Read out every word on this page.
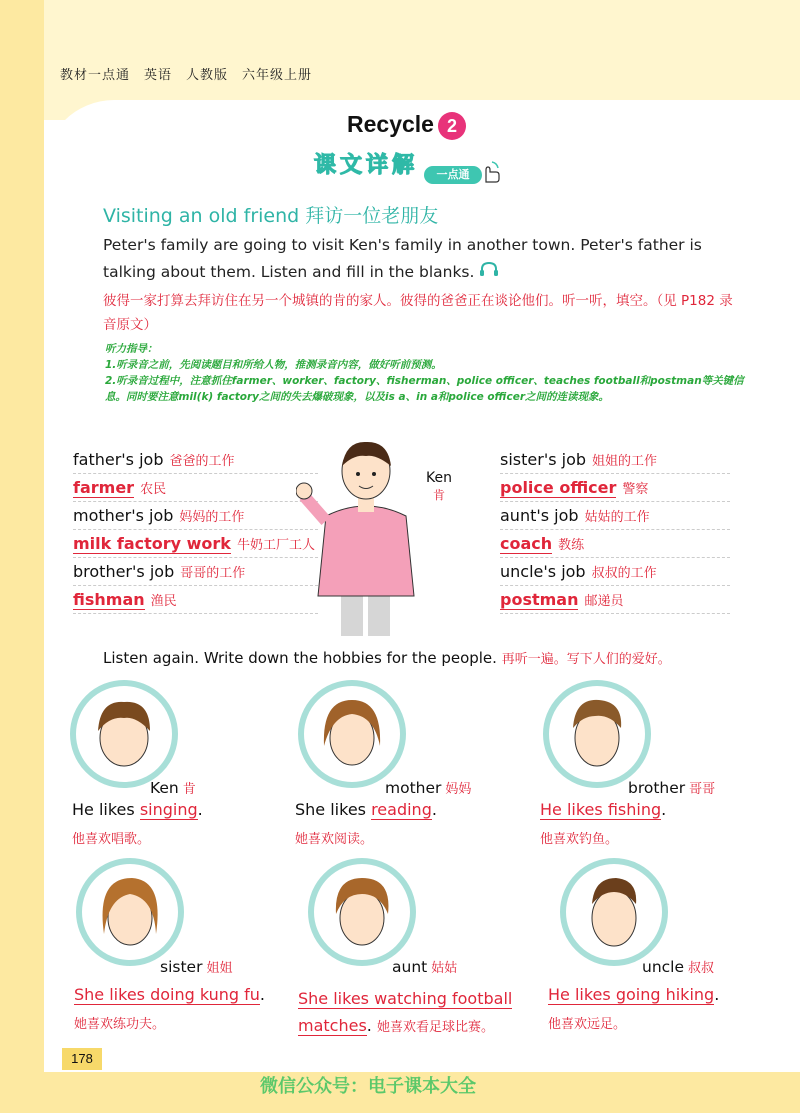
教材一点通　英语　人教版　六年级上册
Recycle 2
课文详解	一点通
Visiting an old friend 拜访一位老朋友
Peter's family are going to visit Ken's family in another town. Peter's father is talking about them. Listen and fill in the blanks.
彼得一家打算去拜访住在另一个城镇的肯的家人。彼得的爸爸正在谈论他们。听一听，填空。（见 P182 录音原文）
听力指导：
1.听录音之前，先阅读题目和所给人物，推测录音内容，做好听前预测。
2.听录音过程中，注意抓住farmer、worker、factory、fisherman、police officer、teaches football和postman等关键信息。同时要注意mil(k) factory之间的失去爆破现象，以及is a、in a和police officer之间的连读现象。
father's job 爸爸的工作
farmer 农民
mother's job 妈妈的工作
milk factory work 牛奶工厂工人
brother's job 哥哥的工作
fishman 渔民
Ken
肯
sister's job 姐姐的工作
police officer 警察
aunt's job 姑姑的工作
coach 教练
uncle's job 叔叔的工作
postman 邮递员
Listen again. Write down the hobbies for the people. 再听一遍。写下人们的爱好。
Ken 肯
He likes singing.
他喜欢唱歌。
mother 妈妈
She likes reading.
她喜欢阅读。
brother 哥哥
He likes fishing.
他喜欢钓鱼。
sister 姐姐
She likes doing kung fu.
她喜欢练功夫。
aunt 姑姑
She likes watching football
matches. 她喜欢看足球比赛。
uncle 叔叔
He likes going hiking.
他喜欢远足。
178
微信公众号：电子课本大全
